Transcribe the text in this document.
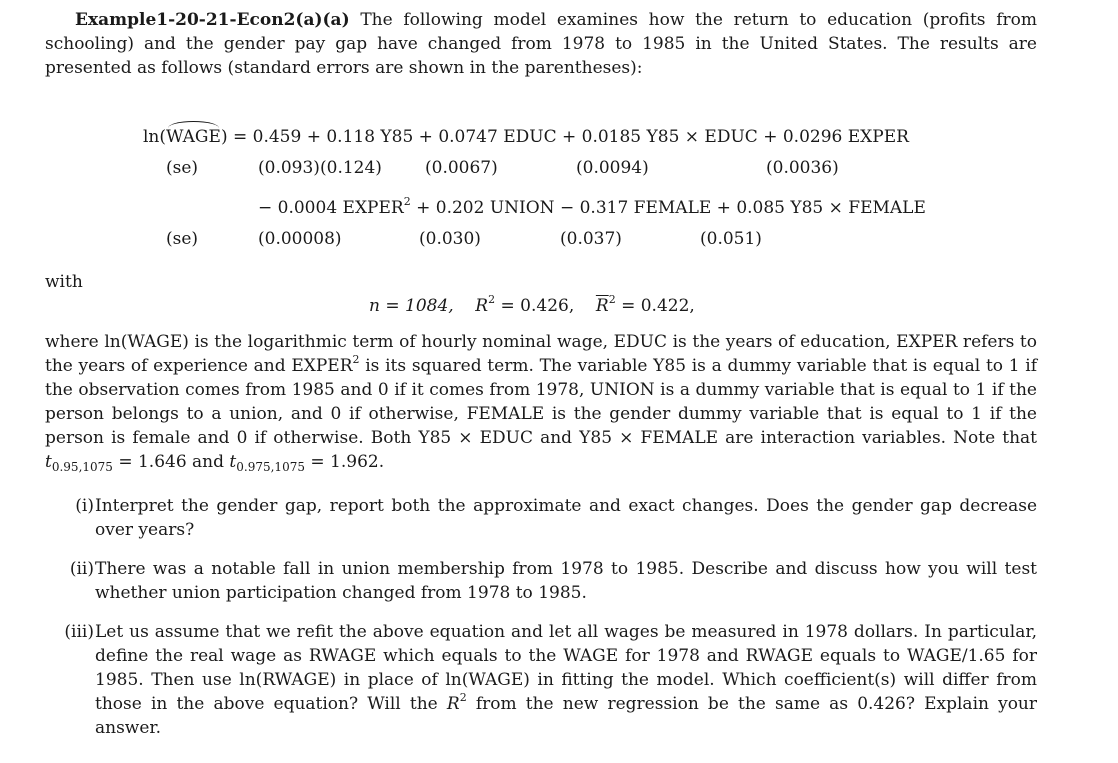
Example1-20-21-Econ2(a)(a) The following model examines how the return to education (profits from schooling) and the gender pay gap have changed from 1978 to 1985 in the United States. The results are presented as follows (standard errors are shown in the parentheses):
ln(WAGE) = 0.459 + 0.118 Y85 + 0.0747 EDUC + 0.0185 Y85 × EDUC + 0.0296 EXPER
(se)	(0.093) (0.124)	(0.0067)	(0.0094)	(0.0036)
− 0.0004 $EXPER^2 + 0.202$ UNION − 0.317 FEMALE + 0.085 Y85 × FEMALE
(se)	(0.00008)	(0.030)	(0.037)	(0.051)
with
n = 1084, $R^2 = 0.426$, $\overline{R}^2 = 0.422$,
where ln(WAGE) is the logarithmic term of hourly nominal wage, EDUC is the years of education, EXPER refers to the years of experience and EXPER$^2$ is its squared term. The variable Y85 is a dummy variable that is equal to 1 if the observation comes from 1985 and 0 if it comes from 1978, UNION is a dummy variable that is equal to 1 if the person belongs to a union, and 0 if otherwise, FEMALE is the gender dummy variable that is equal to 1 if the person is female and 0 if otherwise. Both Y85 × EDUC and Y85 × FEMALE are interaction variables. Note that $t_{0.95,1075} = 1.646$ and $t_{0.975,1075} = 1.962$.
(i) Interpret the gender gap, report both the approximate and exact changes. Does the gender gap decrease over years?
(ii) There was a notable fall in union membership from 1978 to 1985. Describe and discuss how you will test whether union participation changed from 1978 to 1985.
(iii) Let us assume that we refit the above equation and let all wages be measured in 1978 dollars. In particular, define the real wage as RWAGE which equals to the WAGE for 1978 and RWAGE equals to WAGE/1.65 for 1985. Then use ln(RWAGE) in place of ln(WAGE) in fitting the model. Which coefficient(s) will differ from those in the above equation? Will the $R^2$ from the new regression be the same as 0.426? Explain your answer.
